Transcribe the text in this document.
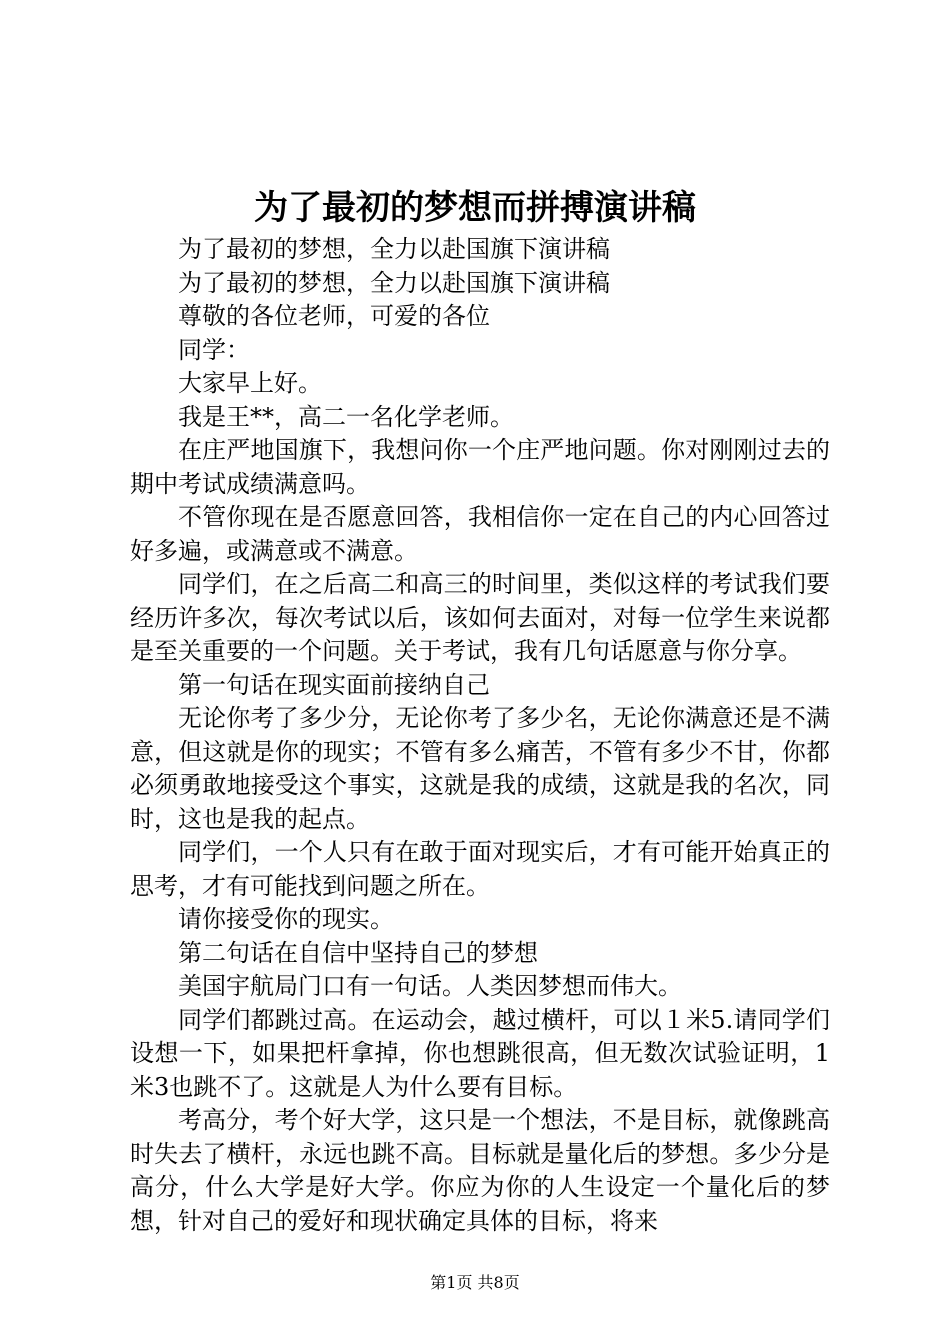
为了最初的梦想而拼搏演讲稿

为了最初的梦想，全力以赴国旗下演讲稿

为了最初的梦想，全力以赴国旗下演讲稿

尊敬的各位老师，可爱的各位

同学：

大家早上好。

我是王**，高二一名化学老师。

在庄严地国旗下，我想问你一个庄严地问题。你对刚刚过去的期中考试成绩满意吗。

不管你现在是否愿意回答，我相信你一定在自己的内心回答过好多遍，或满意或不满意。

同学们，在之后高二和高三的时间里，类似这样的考试我们要经历许多次，每次考试以后，该如何去面对，对每一位学生来说都是至关重要的一个问题。关于考试，我有几句话愿意与你分享。

第一句话在现实面前接纳自己

无论你考了多少分，无论你考了多少名，无论你满意还是不满意，但这就是你的现实；不管有多么痛苦，不管有多少不甘，你都必须勇敢地接受这个事实，这就是我的成绩，这就是我的名次，同时，这也是我的起点。

同学们，一个人只有在敢于面对现实后，才有可能开始真正的思考，才有可能找到问题之所在。

请你接受你的现实。

第二句话在自信中坚持自己的梦想

美国宇航局门口有一句话。人类因梦想而伟大。

同学们都跳过高。在运动会，越过横杆，可以１米5.请同学们设想一下，如果把杆拿掉，你也想跳很高，但无数次试验证明，1米3也跳不了。这就是人为什么要有目标。

考高分，考个好大学，这只是一个想法，不是目标，就像跳高时失去了横杆，永远也跳不高。目标就是量化后的梦想。多少分是高分，什么大学是好大学。你应为你的人生设定一个量化后的梦想，针对自己的爱好和现状确定具体的目标，将来

第1页 共8页
